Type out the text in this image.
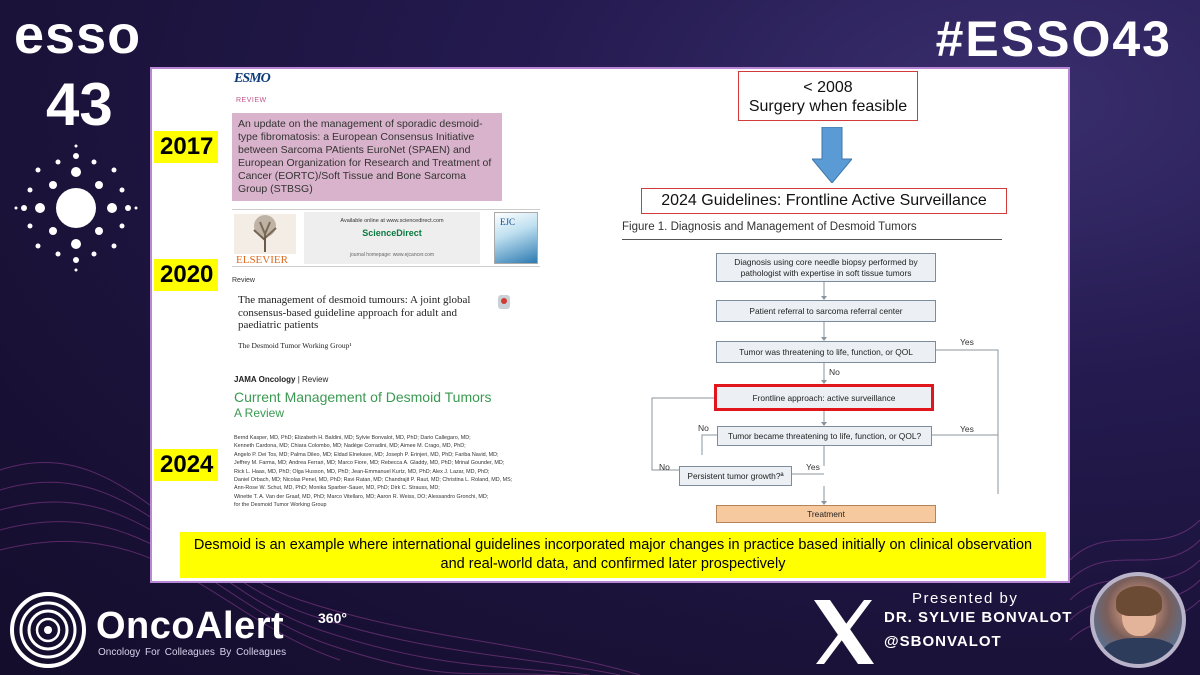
esso
43
#ESSO43
2017
2020
2024
ESMO
REVIEW
An update on the management of sporadic desmoid-type fibromatosis: a European Consensus Initiative between Sarcoma PAtients EuroNet (SPAEN) and European Organization for Research and Treatment of Cancer (EORTC)/Soft Tissue and Bone Sarcoma Group (STBSG)
ELSEVIER
Available online at www.sciencedirect.com
ScienceDirect
journal homepage: www.ejcancer.com
EJC
Review
The management of desmoid tumours: A joint global consensus-based guideline approach for adult and paediatric patients
The Desmoid Tumor Working Group¹
JAMA Oncology | Review
Current Management of Desmoid Tumors
A Review
Bernd Kasper, MD, PhD; Elizabeth H. Baldini, MD; Sylvie Bonvalot, MD, PhD; Dario Callegaro, MD;
Kenneth Cardona, MD; Chiara Colombo, MD; Nadège Corradini, MD; Aimee M. Crago, MD, PhD;
Angelo P. Dei Tos, MD; Palma Dileo, MD; Eldad Elnekave, MD; Joseph P. Erinjeri, MD, PhD; Fariba Navid, MD;
Jeffrey M. Farma, MD; Andrea Ferrari, MD; Marco Fiore, MD; Rebecca A. Gladdy, MD, PhD; Mrinal Gounder, MD;
Rick L. Haas, MD, PhD; Olga Husson, MD, PhD; Jean-Emmanuel Kurtz, MD, PhD; Alex J. Lazar, MD, PhD;
Daniel Orbach, MD; Nicolas Penel, MD, PhD; Ravi Ratan, MD; Chandrajit P. Raut, MD; Christina L. Roland, MD, MS;
Ann-Rose W. Schut, MD, PhD; Monika Sparber-Sauer, MD, PhD; Dirk C. Strauss, MD;
Winette T. A. Van der Graaf, MD, PhD; Marco Vitellaro, MD; Aaron R. Weiss, DO; Alessandro Gronchi, MD;
for the Desmoid Tumor Working Group
< 2008
Surgery when feasible
2024 Guidelines: Frontline Active Surveillance
Figure 1. Diagnosis and Management of Desmoid Tumors
Diagnosis using core needle biopsy performed by pathologist with expertise in soft tissue tumors
Patient referral to sarcoma referral center
Tumor was threatening to life, function, or QOL
No
Yes
Frontline approach: active surveillance
No
Tumor became threatening to life, function, or QOL?
Yes
No
Persistent tumor growth?ª
Yes
Treatment
Desmoid is an example where international guidelines incorporated major changes in practice based initially on clinical observation and real-world data, and confirmed later prospectively
OncoAlert 360°
Oncology For Colleagues By Colleagues
Presented by
DR. SYLVIE BONVALOT
@SBONVALOT
